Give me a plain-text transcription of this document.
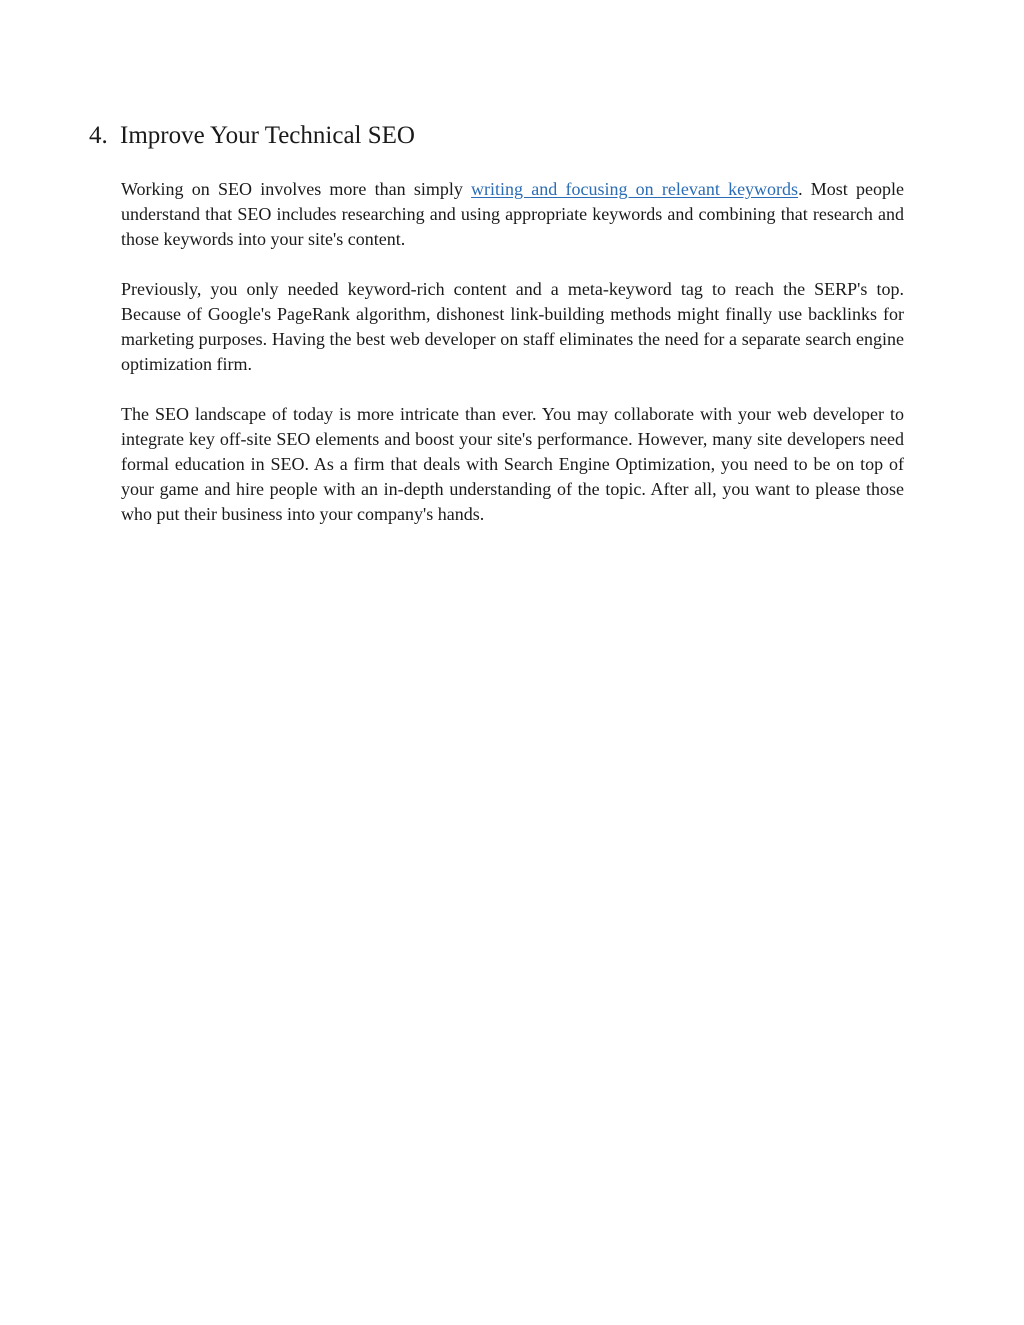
4. Improve Your Technical SEO

Working on SEO involves more than simply writing and focusing on relevant keywords. Most people understand that SEO includes researching and using appropriate keywords and combining that research and those keywords into your site's content.

Previously, you only needed keyword-rich content and a meta-keyword tag to reach the SERP's top. Because of Google's PageRank algorithm, dishonest link-building methods might finally use backlinks for marketing purposes. Having the best web developer on staff eliminates the need for a separate search engine optimization firm.

The SEO landscape of today is more intricate than ever. You may collaborate with your web developer to integrate key off-site SEO elements and boost your site's performance. However, many site developers need formal education in SEO. As a firm that deals with Search Engine Optimization, you need to be on top of your game and hire people with an in-depth understanding of the topic. After all, you want to please those who put their business into your company's hands.
